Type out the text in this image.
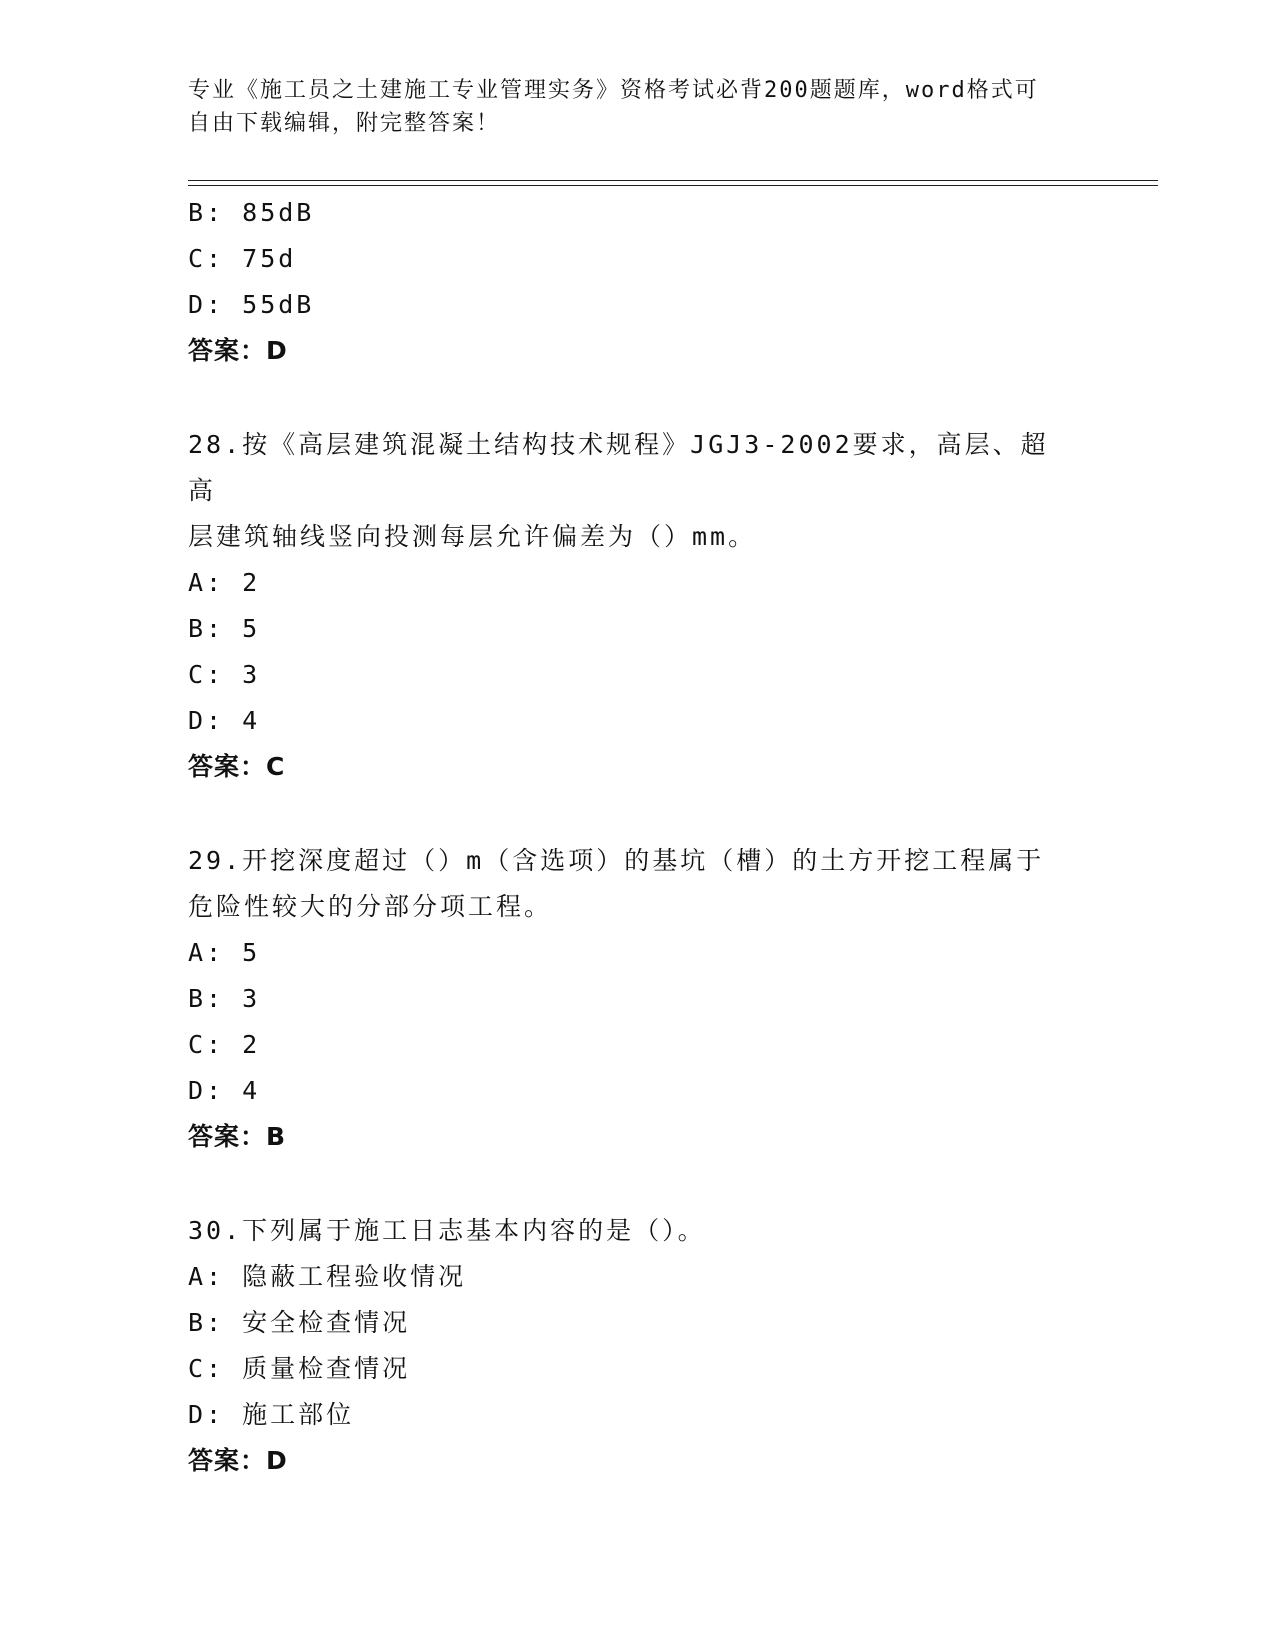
专业《施工员之土建施工专业管理实务》资格考试必背200题题库，word格式可
自由下载编辑，附完整答案！
B: 85dB
C: 75d
D: 55dB
答案：D
28.按《高层建筑混凝土结构技术规程》JGJ3-2002要求，高层、超高
层建筑轴线竖向投测每层允许偏差为（）mm。
A: 2
B: 5
C: 3
D: 4
答案：C
29.开挖深度超过（）m（含选项）的基坑（槽）的土方开挖工程属于
危险性较大的分部分项工程。
A: 5
B: 3
C: 2
D: 4
答案：B
30.下列属于施工日志基本内容的是（）。
A: 隐蔽工程验收情况
B: 安全检查情况
C: 质量检查情况
D: 施工部位
答案：D
